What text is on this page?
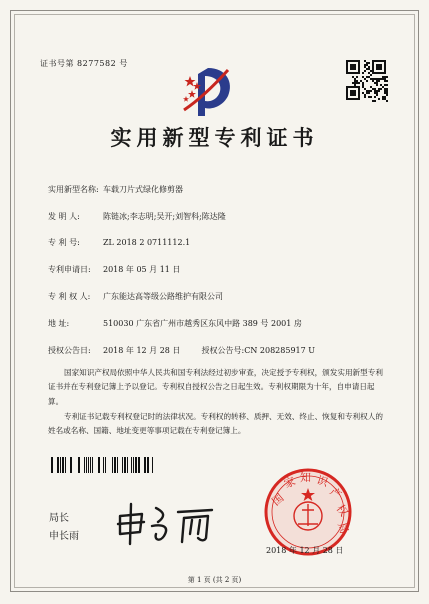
证书号第 8277582 号
实用新型专利证书
实用新型名称: 车载刀片式绿化修剪器
发 明 人:	陈链冰;李志明;吴开;刘智科;陈达隆
专 利 号:	ZL 2018 2 0711112.1
专利申请日: 2018 年 05 月 11 日
专 利 权 人: 广东能达高等级公路维护有限公司
地 址:	510030 广东省广州市越秀区东风中路 389 号 2001 房
授权公告日: 2018 年 12 月 28 日	授权公告号:CN 208285917 U
国家知识产权局依照中华人民共和国专利法经过初步审查，决定授予专利权，颁发实用新型专利证书并在专利登记簿上予以登记。专利权自授权公告之日起生效。专利权期限为十年，自申请日起算。
专利证书记载专利权登记时的法律状况。专利权的转移、质押、无效、终止、恢复和专利权人的姓名或名称、国籍、地址变更等事项记载在专利登记簿上。
局长
申长雨
国
家 知 识
产
权
局
2018 年 12 月 28 日
第 1 页 (共 2 页)
